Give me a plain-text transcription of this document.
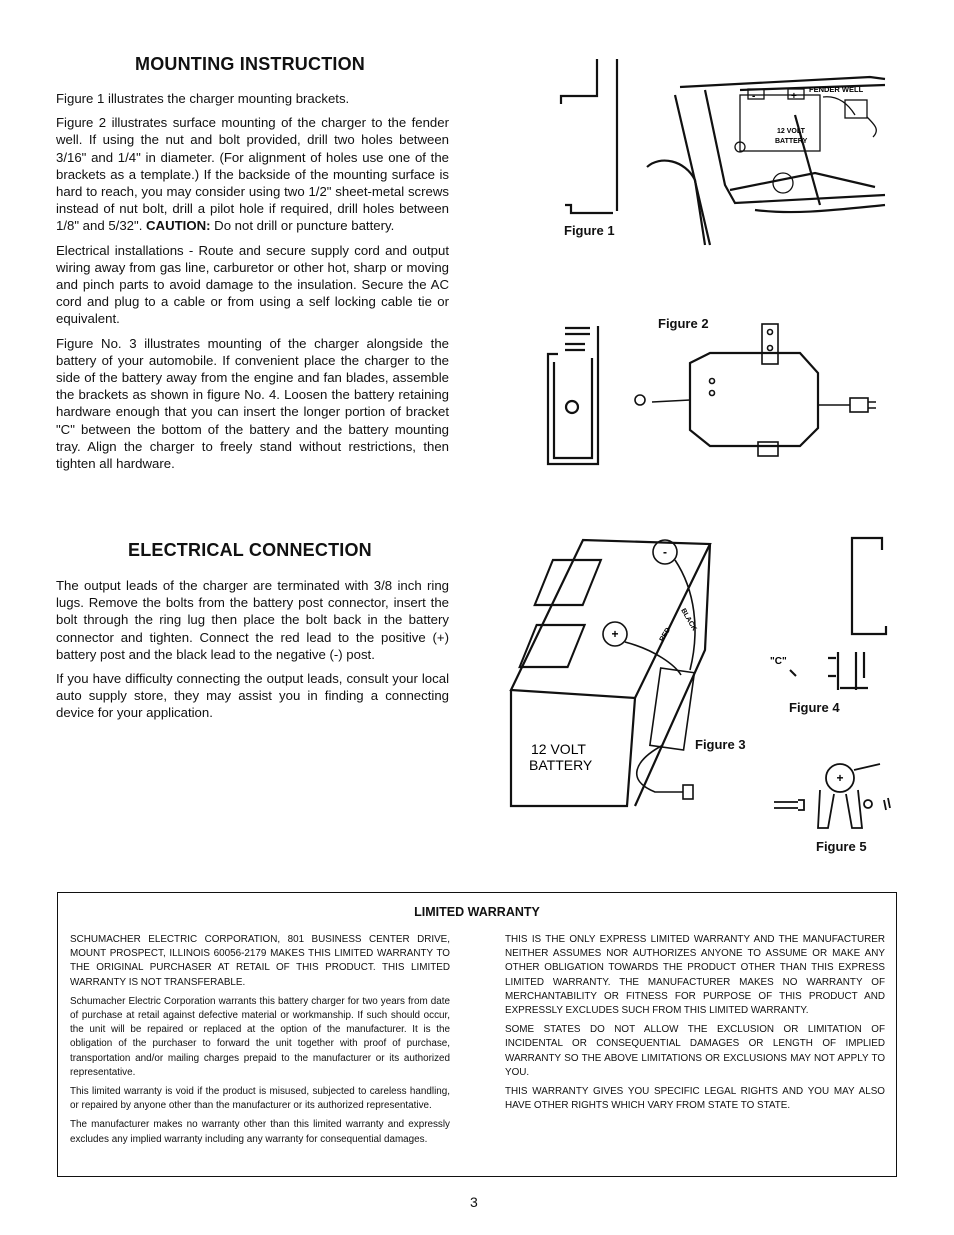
MOUNTING INSTRUCTION

Figure 1 illustrates the charger mounting brackets.

Figure 2 illustrates surface mounting of the charger to the fender well. If using the nut and bolt provided, drill two holes between 3/16" and 1/4" in diameter. (For alignment of holes use one of the brackets as a template.) If the backside of the mounting surface is hard to reach, you may consider using two 1/2" sheet-metal screws instead of nut bolt, drill a pilot hole if required, drill holes between 1/8" and 5/32". CAUTION: Do not drill or puncture battery.

Electrical installations - Route and secure supply cord and output wiring away from gas line, carburetor or other hot, sharp or moving and pinch parts to avoid damage to the insulation. Secure the AC cord and plug to a cable or from using a self locking cable tie or equivalent.

Figure No. 3 illustrates mounting of the charger alongside the battery of your automobile. If convenient place the charger to the side of the battery away from the engine and fan blades, assemble the brackets as shown in figure No. 4. Loosen the battery retaining hardware enough that you can insert the longer portion of bracket "C" between the bottom of the battery and the battery mounting tray. Align the charger to freely stand without restrictions, then tighten all hardware.

ELECTRICAL CONNECTION

The output leads of the charger are terminated with 3/8 inch ring lugs. Remove the bolts from the battery post connector, insert the bolt through the ring lug then place the bolt back in the battery connector and tighten. Connect the red lead to the positive (+) battery post and the black lead to the negative (-) post.

If you have difficulty connecting the output leads, consult your local auto supply store, they may assist you in finding a connecting device for your application.

-	+
FENDER WELL
12 VOLT
BATTERY
Figure 1
Figure 2
-
+
BLACK
RED
12 VOLT
BATTERY
Figure 3
"C"
Figure 4
+
Figure 5
LIMITED WARRANTY

SCHUMACHER ELECTRIC CORPORATION, 801 BUSINESS CENTER DRIVE, MOUNT PROSPECT, ILLINOIS 60056-2179 MAKES THIS LIMITED WARRANTY TO THE ORIGINAL PURCHASER AT RETAIL OF THIS PRODUCT. THIS LIMITED WARRANTY IS NOT TRANSFERABLE.

Schumacher Electric Corporation warrants this battery charger for two years from date of purchase at retail against defective material or workmanship. If such should occur, the unit will be repaired or replaced at the option of the manufacturer. It is the obligation of the purchaser to forward the unit together with proof of purchase, transportation and/or mailing charges prepaid to the manufacturer or its authorized representative.

This limited warranty is void if the product is misused, subjected to careless handling, or repaired by anyone other than the manufacturer or its authorized representative.

The manufacturer makes no warranty other than this limited warranty and expressly excludes any implied warranty including any warranty for consequential damages.

THIS IS THE ONLY EXPRESS LIMITED WARRANTY AND THE MANUFACTURER NEITHER ASSUMES NOR AUTHORIZES ANYONE TO ASSUME OR MAKE ANY OTHER OBLIGATION TOWARDS THE PRODUCT OTHER THAN THIS EXPRESS LIMITED WARRANTY. THE MANUFACTURER MAKES NO WARRANTY OF MERCHANTABILITY OR FITNESS FOR PURPOSE OF THIS PRODUCT AND EXPRESSLY EXCLUDES SUCH FROM THIS LIMITED WARRANTY.

SOME STATES DO NOT ALLOW THE EXCLUSION OR LIMITATION OF INCIDENTAL OR CONSEQUENTIAL DAMAGES OR LENGTH OF IMPLIED WARRANTY SO THE ABOVE LIMITATIONS OR EXCLUSIONS MAY NOT APPLY TO YOU.

THIS WARRANTY GIVES YOU SPECIFIC LEGAL RIGHTS AND YOU MAY ALSO HAVE OTHER RIGHTS WHICH VARY FROM STATE TO STATE.

3
